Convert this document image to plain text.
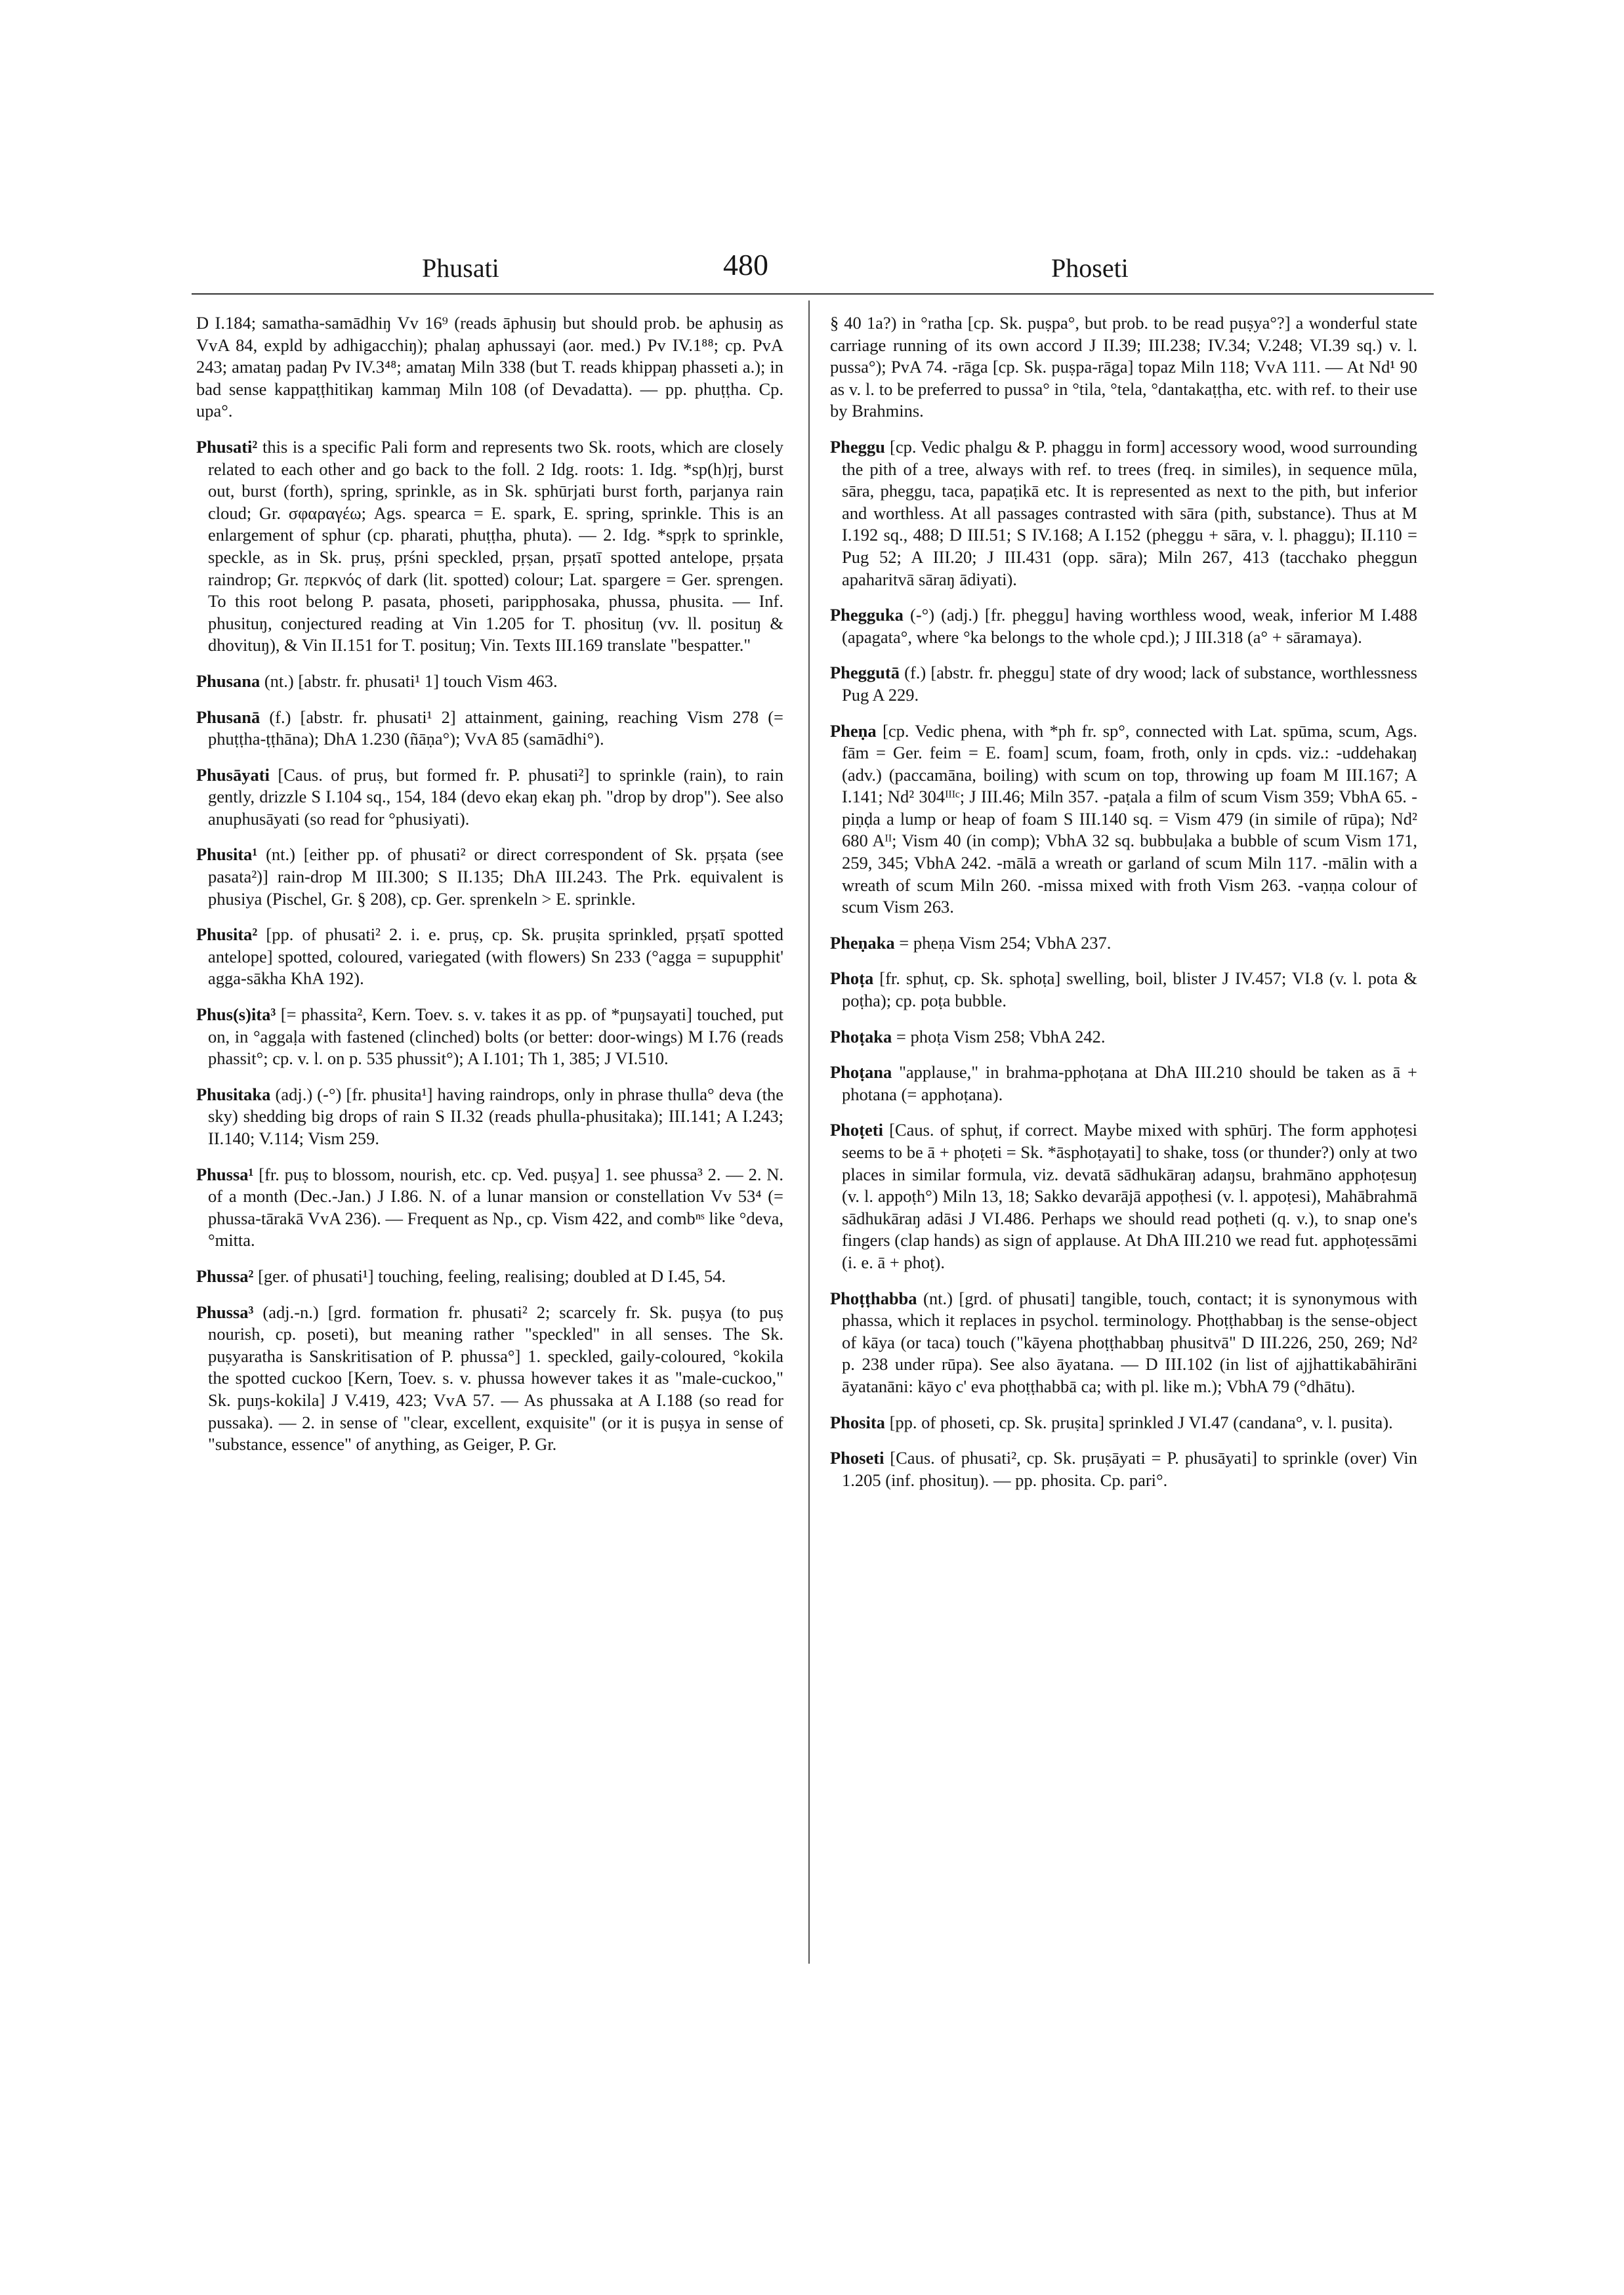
Phusati	480	Phoseti

D I.184; samatha-samādhiŋ Vv 16⁹ (reads āphusiŋ but should prob. be aphusiŋ as VvA 84, expld by adhigacchiŋ); phalaŋ aphussayi (aor. med.) Pv IV.1⁸⁸; cp. PvA 243; amataŋ padaŋ Pv IV.3⁴⁸; amataŋ Miln 338 (but T. reads khippaŋ phasseti a.); in bad sense kappaṭṭhitikaŋ kammaŋ Miln 108 (of Devadatta). — pp. phuṭṭha. Cp. upa°.

Phusati² this is a specific Pali form and represents two Sk. roots, which are closely related to each other and go back to the foll. 2 Idg. roots: 1. Idg. *sp(h)ṛj, burst out, burst (forth), spring, sprinkle, as in Sk. sphūrjati burst forth, parjanya rain cloud; Gr. σφαραγέω; Ags. spearca = E. spark, E. spring, sprinkle. This is an enlargement of sphur (cp. pharati, phuṭṭha, phuta). — 2. Idg. *spṛk to sprinkle, speckle, as in Sk. pruṣ, pṛśni speckled, pṛṣan, pṛṣatī spotted antelope, pṛṣata raindrop; Gr. περκνός of dark (lit. spotted) colour; Lat. spargere = Ger. sprengen. To this root belong P. pasata, phoseti, paripphosaka, phussa, phusita. — Inf. phusituŋ, conjectured reading at Vin 1.205 for T. phosituŋ (vv. ll. posituŋ & dhovituŋ), & Vin II.151 for T. posituŋ; Vin. Texts III.169 translate "bespatter."

Phusana (nt.) [abstr. fr. phusati¹ 1] touch Vism 463.

Phusanā (f.) [abstr. fr. phusati¹ 2] attainment, gaining, reaching Vism 278 (= phuṭṭha-ṭṭhāna); DhA 1.230 (ñāṇa°); VvA 85 (samādhi°).

Phusāyati [Caus. of pruṣ, but formed fr. P. phusati²] to sprinkle (rain), to rain gently, drizzle S I.104 sq., 154, 184 (devo ekaŋ ekaŋ ph. "drop by drop"). See also anuphusāyati (so read for °phusiyati).

Phusita¹ (nt.) [either pp. of phusati² or direct correspondent of Sk. pṛṣata (see pasata²)] rain-drop M III.300; S II.135; DhA III.243. The Prk. equivalent is phusiya (Pischel, Gr. § 208), cp. Ger. sprenkeln > E. sprinkle.

Phusita² [pp. of phusati² 2. i. e. pruṣ, cp. Sk. pruṣita sprinkled, pṛṣatī spotted antelope] spotted, coloured, variegated (with flowers) Sn 233 (°agga = supupphit' agga-sākha KhA 192).

Phus(s)ita³ [= phassita², Kern. Toev. s. v. takes it as pp. of *puŋsayati] touched, put on, in °aggaḷa with fastened (clinched) bolts (or better: door-wings) M I.76 (reads phassit°; cp. v. l. on p. 535 phussit°); A I.101; Th 1, 385; J VI.510.

Phusitaka (adj.) (-°) [fr. phusita¹] having raindrops, only in phrase thulla° deva (the sky) shedding big drops of rain S II.32 (reads phulla-phusitaka); III.141; A I.243; II.140; V.114; Vism 259.

Phussa¹ [fr. puṣ to blossom, nourish, etc. cp. Ved. puṣya] 1. see phussa³ 2. — 2. N. of a month (Dec.-Jan.) J I.86. N. of a lunar mansion or constellation Vv 53⁴ (= phussa-tārakā VvA 236). — Frequent as Np., cp. Vism 422, and combⁿˢ like °deva, °mitta.

Phussa² [ger. of phusati¹] touching, feeling, realising; doubled at D I.45, 54.

Phussa³ (adj.-n.) [grd. formation fr. phusati² 2; scarcely fr. Sk. puṣya (to puṣ nourish, cp. poseti), but meaning rather "speckled" in all senses. The Sk. puṣyaratha is Sanskritisation of P. phussa°] 1. speckled, gaily-coloured, °kokila the spotted cuckoo [Kern, Toev. s. v. phussa however takes it as "male-cuckoo," Sk. puŋs-kokila] J V.419, 423; VvA 57. — As phussaka at A I.188 (so read for pussaka). — 2. in sense of "clear, excellent, exquisite" (or it is puṣya in sense of "substance, essence" of anything, as Geiger, P. Gr.

§ 40 1a?) in °ratha [cp. Sk. puṣpa°, but prob. to be read puṣya°?] a wonderful state carriage running of its own accord J II.39; III.238; IV.34; V.248; VI.39 sq.) v. l. pussa°); PvA 74. -rāga [cp. Sk. puṣpa-rāga] topaz Miln 118; VvA 111. — At Nd¹ 90 as v. l. to be preferred to pussa° in °tila, °tela, °dantakaṭṭha, etc. with ref. to their use by Brahmins.

Pheggu [cp. Vedic phalgu & P. phaggu in form] accessory wood, wood surrounding the pith of a tree, always with ref. to trees (freq. in similes), in sequence mūla, sāra, pheggu, taca, papaṭikā etc. It is represented as next to the pith, but inferior and worthless. At all passages contrasted with sāra (pith, substance). Thus at M I.192 sq., 488; D III.51; S IV.168; A I.152 (pheggu + sāra, v. l. phaggu); II.110 = Pug 52; A III.20; J III.431 (opp. sāra); Miln 267, 413 (tacchako pheggun apaharitvā sāraŋ ādiyati).

Phegguka (-°) (adj.) [fr. pheggu] having worthless wood, weak, inferior M I.488 (apagata°, where °ka belongs to the whole cpd.); J III.318 (a° + sāramaya).

Pheggutā (f.) [abstr. fr. pheggu] state of dry wood; lack of substance, worthlessness Pug A 229.

Pheṇa [cp. Vedic phena, with *ph fr. sp°, connected with Lat. spūma, scum, Ags. fām = Ger. feim = E. foam] scum, foam, froth, only in cpds. viz.: -uddehakaŋ (adv.) (paccamāna, boiling) with scum on top, throwing up foam M III.167; A I.141; Nd² 304ᴵᴵᴵᶜ; J III.46; Miln 357. -paṭala a film of scum Vism 359; VbhA 65. -piṇḍa a lump or heap of foam S III.140 sq. = Vism 479 (in simile of rūpa); Nd² 680 Aᴵᴵ; Vism 40 (in comp); VbhA 32 sq. bubbuḷaka a bubble of scum Vism 171, 259, 345; VbhA 242. -mālā a wreath or garland of scum Miln 117. -mālin with a wreath of scum Miln 260. -missa mixed with froth Vism 263. -vaṇṇa colour of scum Vism 263.

Pheṇaka = pheṇa Vism 254; VbhA 237.

Phoṭa [fr. sphuṭ, cp. Sk. sphoṭa] swelling, boil, blister J IV.457; VI.8 (v. l. pota & poṭha); cp. poṭa bubble.

Phoṭaka = phoṭa Vism 258; VbhA 242.

Phoṭana "applause," in brahma-pphoṭana at DhA III.210 should be taken as ā + photana (= apphoṭana).

Phoṭeti [Caus. of sphuṭ, if correct. Maybe mixed with sphūrj. The form apphoṭesi seems to be ā + phoṭeti = Sk. *āsphoṭayati] to shake, toss (or thunder?) only at two places in similar formula, viz. devatā sādhukāraŋ adaŋsu, brahmāno apphoṭesuŋ (v. l. appoṭh°) Miln 13, 18; Sakko devarājā appoṭhesi (v. l. appoṭesi), Mahābrahmā sādhukāraŋ adāsi J VI.486. Perhaps we should read poṭheti (q. v.), to snap one's fingers (clap hands) as sign of applause. At DhA III.210 we read fut. apphoṭessāmi (i. e. ā + phoṭ).

Phoṭṭhabba (nt.) [grd. of phusati] tangible, touch, contact; it is synonymous with phassa, which it replaces in psychol. terminology. Phoṭṭhabbaŋ is the sense-object of kāya (or taca) touch ("kāyena phoṭṭhabbaŋ phusitvā" D III.226, 250, 269; Nd² p. 238 under rūpa). See also āyatana. — D III.102 (in list of ajjhattikabāhirāni āyatanāni: kāyo c' eva phoṭṭhabbā ca; with pl. like m.); VbhA 79 (°dhātu).

Phosita [pp. of phoseti, cp. Sk. pruṣita] sprinkled J VI.47 (candana°, v. l. pusita).

Phoseti [Caus. of phusati², cp. Sk. pruṣāyati = P. phusāyati] to sprinkle (over) Vin 1.205 (inf. phosituŋ). — pp. phosita. Cp. pari°.
